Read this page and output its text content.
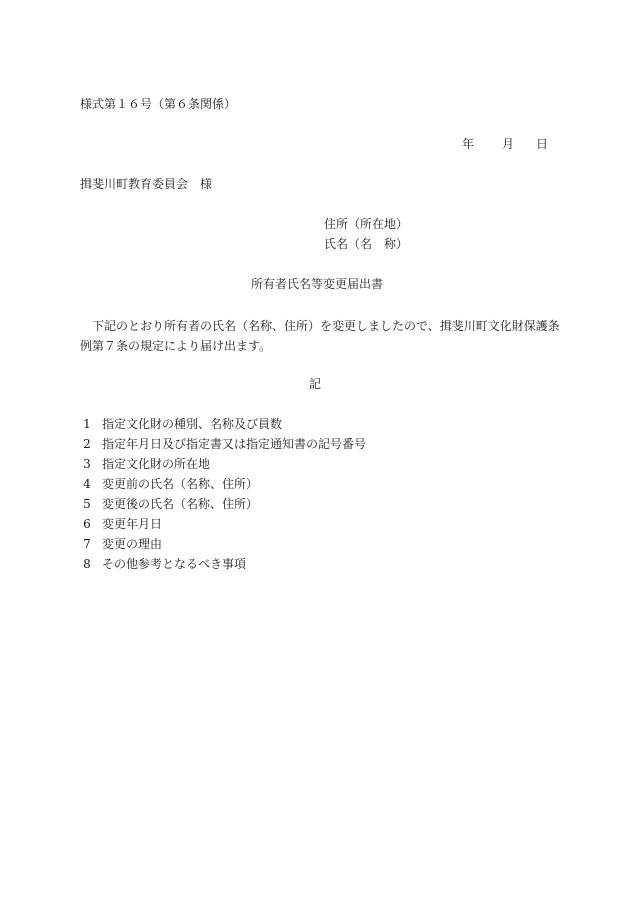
様式第１６号（第６条関係）
年 月 日
揖斐川町教育委員会　様
住所（所在地）
氏名（名　称）
所有者氏名等変更届出書
　下記のとおり所有者の氏名（名称、住所）を変更しましたので、揖斐川町文化財保護条
例第７条の規定により届け出ます。
記
1 指定文化財の種別、名称及び員数
2 指定年月日及び指定書又は指定通知書の記号番号
3 指定文化財の所在地
4 変更前の氏名（名称、住所）
5 変更後の氏名（名称、住所）
6 変更年月日
7 変更の理由
8 その他参考となるべき事項
